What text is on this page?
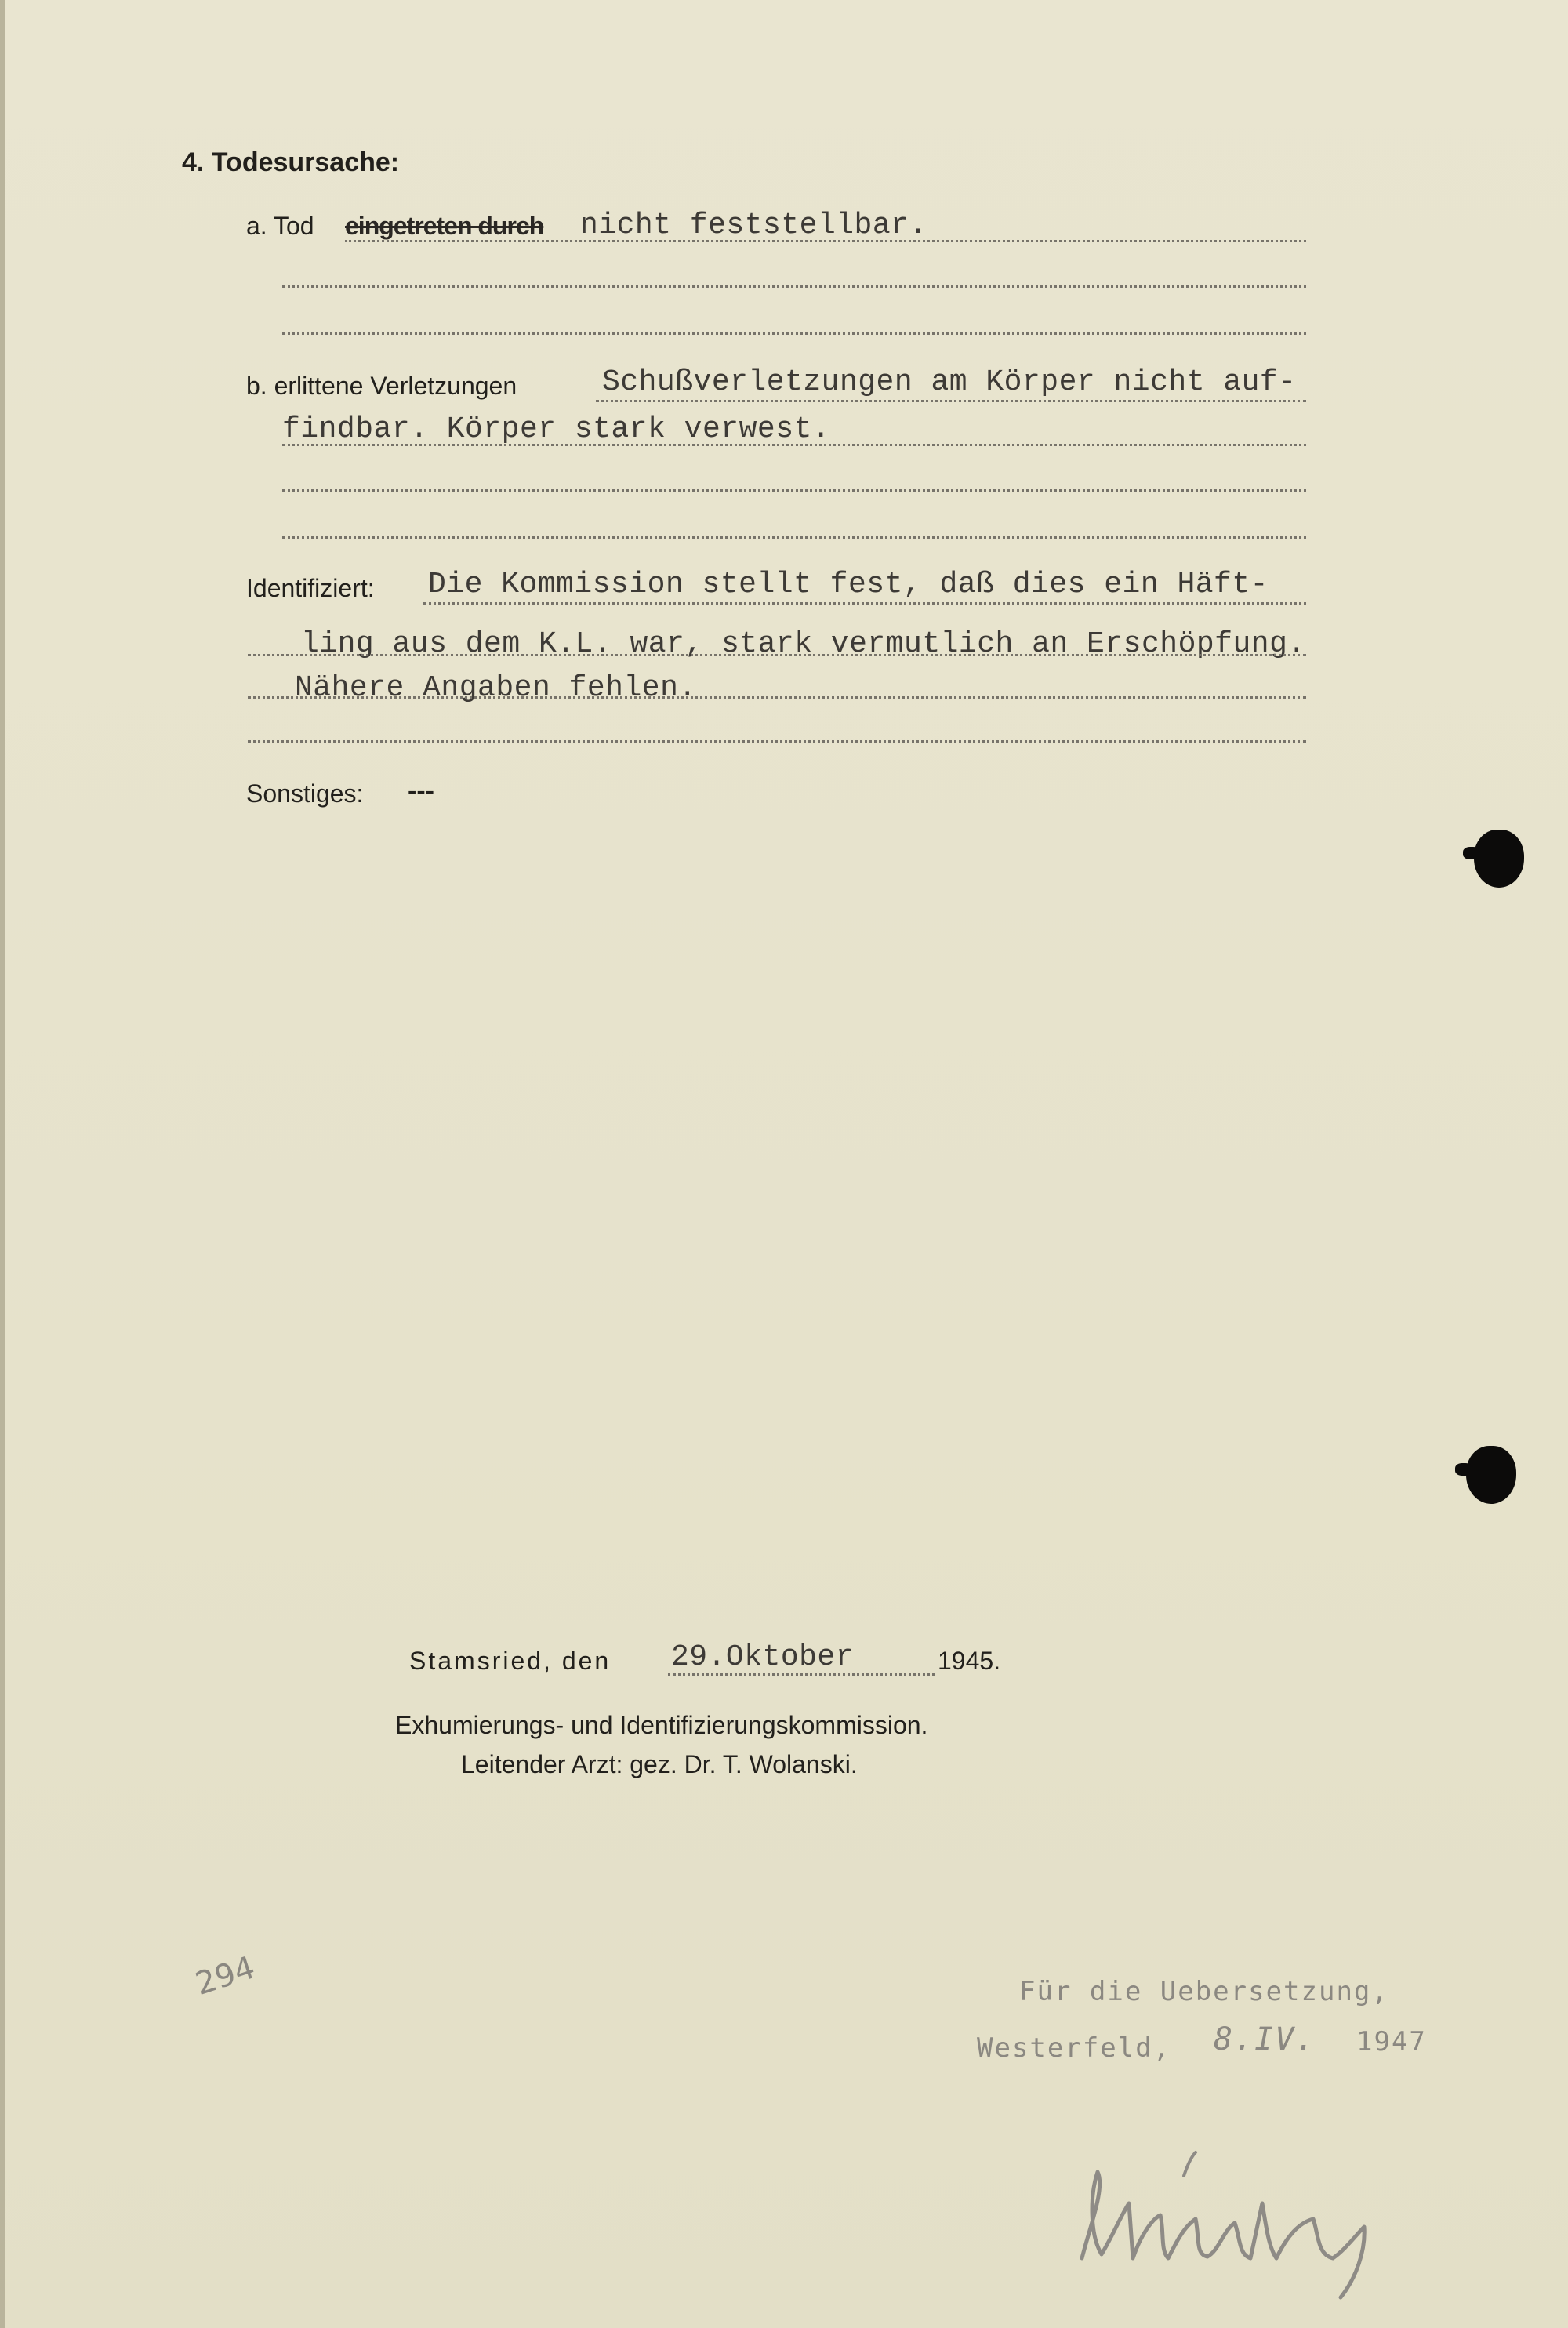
4. Todesursache:
a. Tod eingetreten durch nicht feststellbar.
b. erlittene Verletzungen	Schußverletzungen am Körper nicht auf-
findbar. Körper stark verwest.
Identifiziert: Die Kommission stellt fest, daß dies ein Häft-
ling aus dem K.L. war, stark vermutlich an Erschöpfung.
Nähere Angaben fehlen.
Sonstiges: ---
Stamsried, den 29.Oktober	1945.
Exhumierungs- und Identifizierungskommission.
Leitender Arzt: gez. Dr. T. Wolanski.
294	Für die Uebersetzung,
Westerfeld, 8.IV. 1947
